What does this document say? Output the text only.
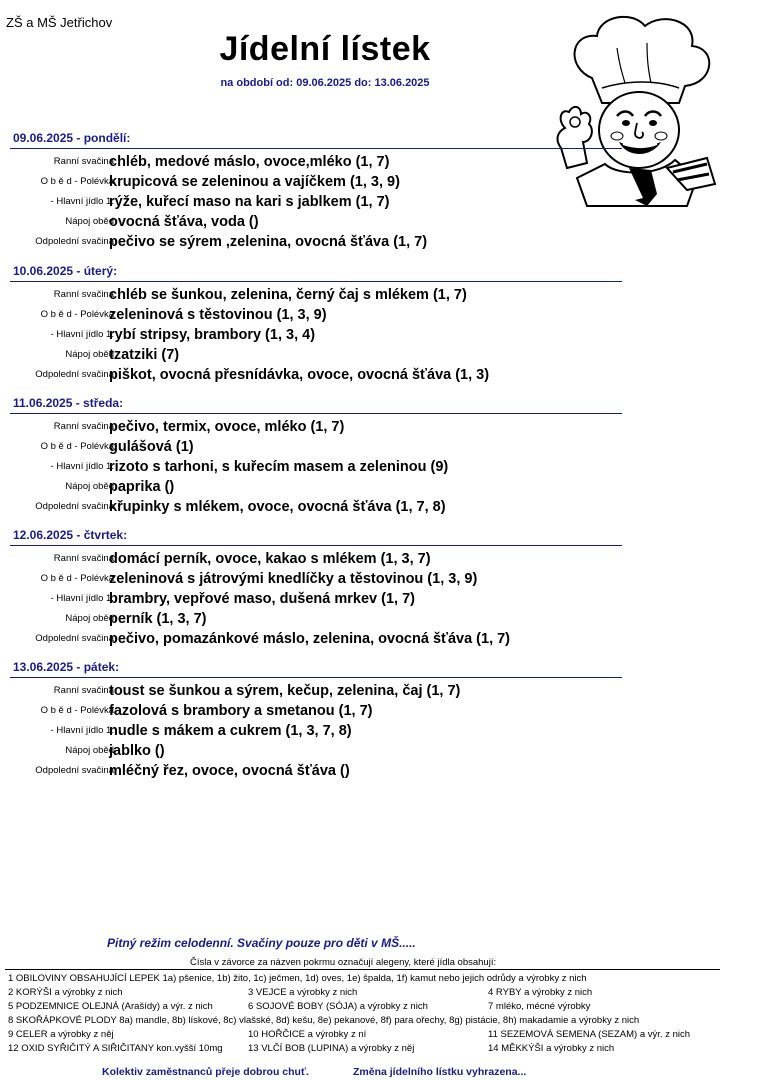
ZŠ a MŠ Jetřichov
Jídelní lístek
na období od: 09.06.2025 do: 13.06.2025
09.06.2025 - pondělí:
Ranní svačina
chléb, medové máslo, ovoce,mléko (1, 7)
O b ě d - Polévka
krupicová se zeleninou a vajíčkem (1, 3, 9)
- Hlavní jídlo 1.
rýže, kuřecí maso na kari s jablkem (1, 7)
Nápoj oběd
ovocná šťáva, voda ()
Odpolední svačina
pečivo se sýrem ,zelenina, ovocná šťáva (1, 7)
10.06.2025 - úterý:
Ranní svačina
chléb se šunkou, zelenina, černý čaj s mlékem (1, 7)
O b ě d - Polévka
zeleninová s těstovinou (1, 3, 9)
- Hlavní jídlo 1.
rybí stripsy, brambory (1, 3, 4)
Nápoj oběd
tzatziki (7)
Odpolední svačina
piškot, ovocná přesnídávka, ovoce, ovocná šťáva (1, 3)
11.06.2025 - středa:
Ranní svačina
pečivo, termix, ovoce, mléko (1, 7)
O b ě d - Polévka
gulášová (1)
- Hlavní jídlo 1.
rizoto s tarhoni, s kuřecím masem a zeleninou (9)
Nápoj oběd
paprika ()
Odpolední svačina
křupinky s mlékem, ovoce, ovocná šťáva (1, 7, 8)
12.06.2025 - čtvrtek:
Ranní svačina
domácí perník, ovoce, kakao s mlékem (1, 3, 7)
O b ě d - Polévka
zeleninová s játrovými knedlíčky a těstovinou (1, 3, 9)
- Hlavní jídlo 1.
brambry, vepřové maso, dušená mrkev (1, 7)
Nápoj oběd
perník (1, 3, 7)
Odpolední svačina
pečivo, pomazánkové máslo, zelenina, ovocná šťáva (1, 7)
13.06.2025 - pátek:
Ranní svačina
toust se šunkou a sýrem, kečup, zelenina, čaj (1, 7)
O b ě d - Polévka
fazolová s brambory a smetanou (1, 7)
- Hlavní jídlo 1.
nudle s mákem a cukrem (1, 3, 7, 8)
Nápoj oběd
jablko ()
Odpolední svačina
mléčný řez, ovoce, ovocná šťáva ()
Pitný režim celodenní. Svačiny pouze pro děti v MŠ.....
Čísla v závorce za názven pokrmu označují alegeny, které jídla obsahují:
1 OBILOVINY OBSAHUJÍCÍ LEPEK 1a) pšenice, 1b) žito, 1c) ječmen, 1d) oves, 1e) špalda, 1f) kamut nebo jejich odrůdy a výrobky z nich
2 KORÝŠI a výrobky z nich	3 VEJCE a výrobky z nich	4 RYBY a výrobky z nich
5 PODZEMNICE OLEJNÁ (Arašídy) a výr. z nich	6 SOJOVÉ BOBY (SÓJA) a výrobky z nich	7 mléko, mécné výrobky
8 SKOŘÁPKOVÉ PLODY 8a) mandle, 8b) lískové, 8c) vlašské, 8d) kešu, 8e) pekanové, 8f) para ořechy, 8g) pistácie, 8h) makadamie a výrobky z nich
9 CELER a výrobky z něj	10 HOŘČICE a výrobky z ní	11 SEZEMOVÁ SEMENA (SEZAM) a výr. z nich
12 OXID SYŘIČITÝ A SIŘIČITANY kon.vyšší 10mg	13 VLČÍ BOB (LUPINA) a výrobky z něj	14 MĚKKÝŠI a výrobky z nich
Kolektiv zaměstnanců přeje dobrou chuť.	Změna jídelního lístku vyhrazena...
